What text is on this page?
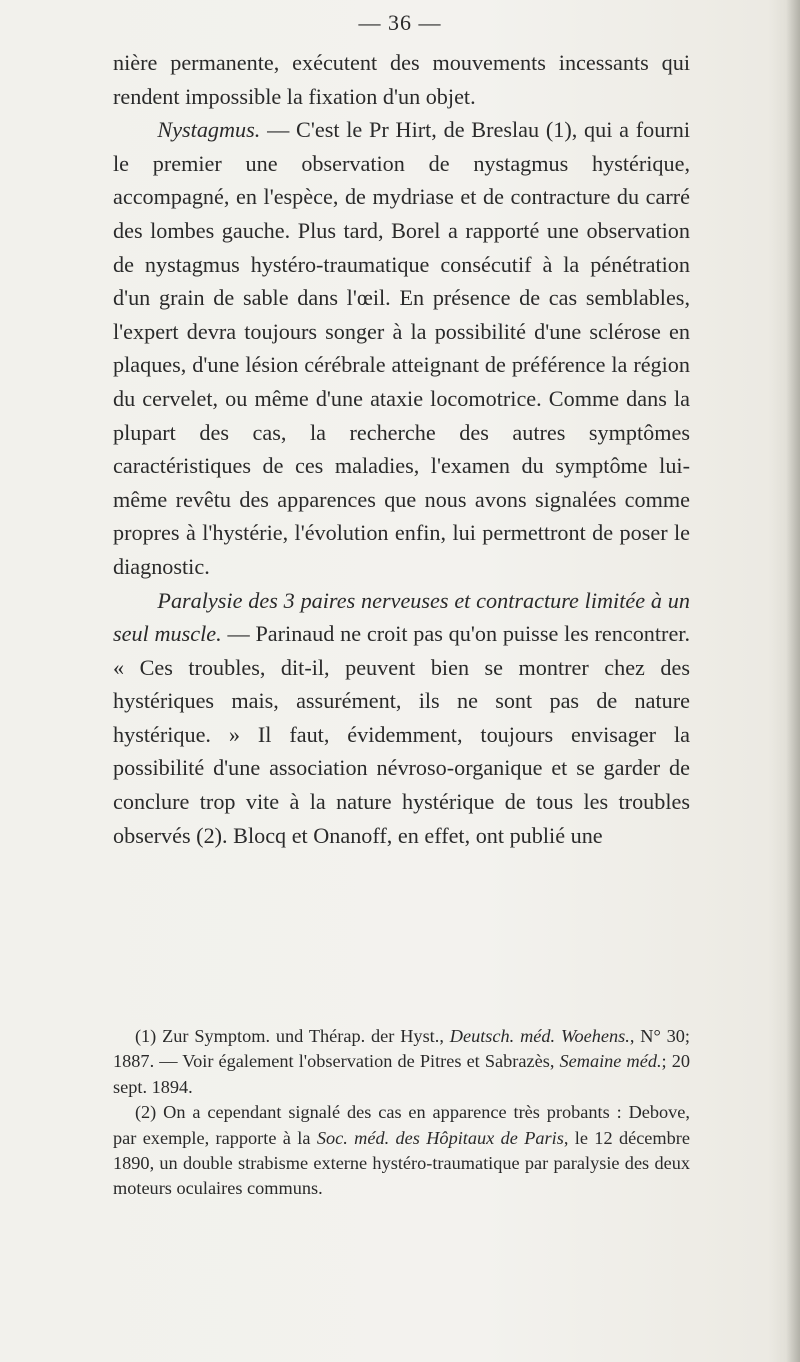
— 36 —

nière permanente, exécutent des mouvements incessants qui rendent impossible la fixation d'un objet.

Nystagmus. — C'est le Pr Hirt, de Breslau (1), qui a fourni le premier une observation de nystagmus hystérique, accompagné, en l'espèce, de mydriase et de contracture du carré des lombes gauche. Plus tard, Borel a rapporté une observation de nystagmus hystéro-traumatique consécutif à la pénétration d'un grain de sable dans l'œil. En présence de cas semblables, l'expert devra toujours songer à la possibilité d'une sclérose en plaques, d'une lésion cérébrale atteignant de préférence la région du cervelet, ou même d'une ataxie locomotrice. Comme dans la plupart des cas, la recherche des autres symptômes caractéristiques de ces maladies, l'examen du symptôme lui-même revêtu des apparences que nous avons signalées comme propres à l'hystérie, l'évolution enfin, lui permettront de poser le diagnostic.

Paralysie des 3 paires nerveuses et contracture limitée à un seul muscle. — Parinaud ne croit pas qu'on puisse les rencontrer. « Ces troubles, dit-il, peuvent bien se montrer chez des hystériques mais, assurément, ils ne sont pas de nature hystérique. » Il faut, évidemment, toujours envisager la possibilité d'une association névroso-organique et se garder de conclure trop vite à la nature hystérique de tous les troubles observés (2). Blocq et Onanoff, en effet, ont publié une

(1) Zur Symptom. und Thérap. der Hyst., Deutsch. méd. Woehens., N° 30; 1887. — Voir également l'observation de Pitres et Sabrazès, Semaine méd.; 20 sept. 1894.

(2) On a cependant signalé des cas en apparence très probants : Debove, par exemple, rapporte à la Soc. méd. des Hôpitaux de Paris, le 12 décembre 1890, un double strabisme externe hystéro-traumatique par paralysie des deux moteurs oculaires communs.
